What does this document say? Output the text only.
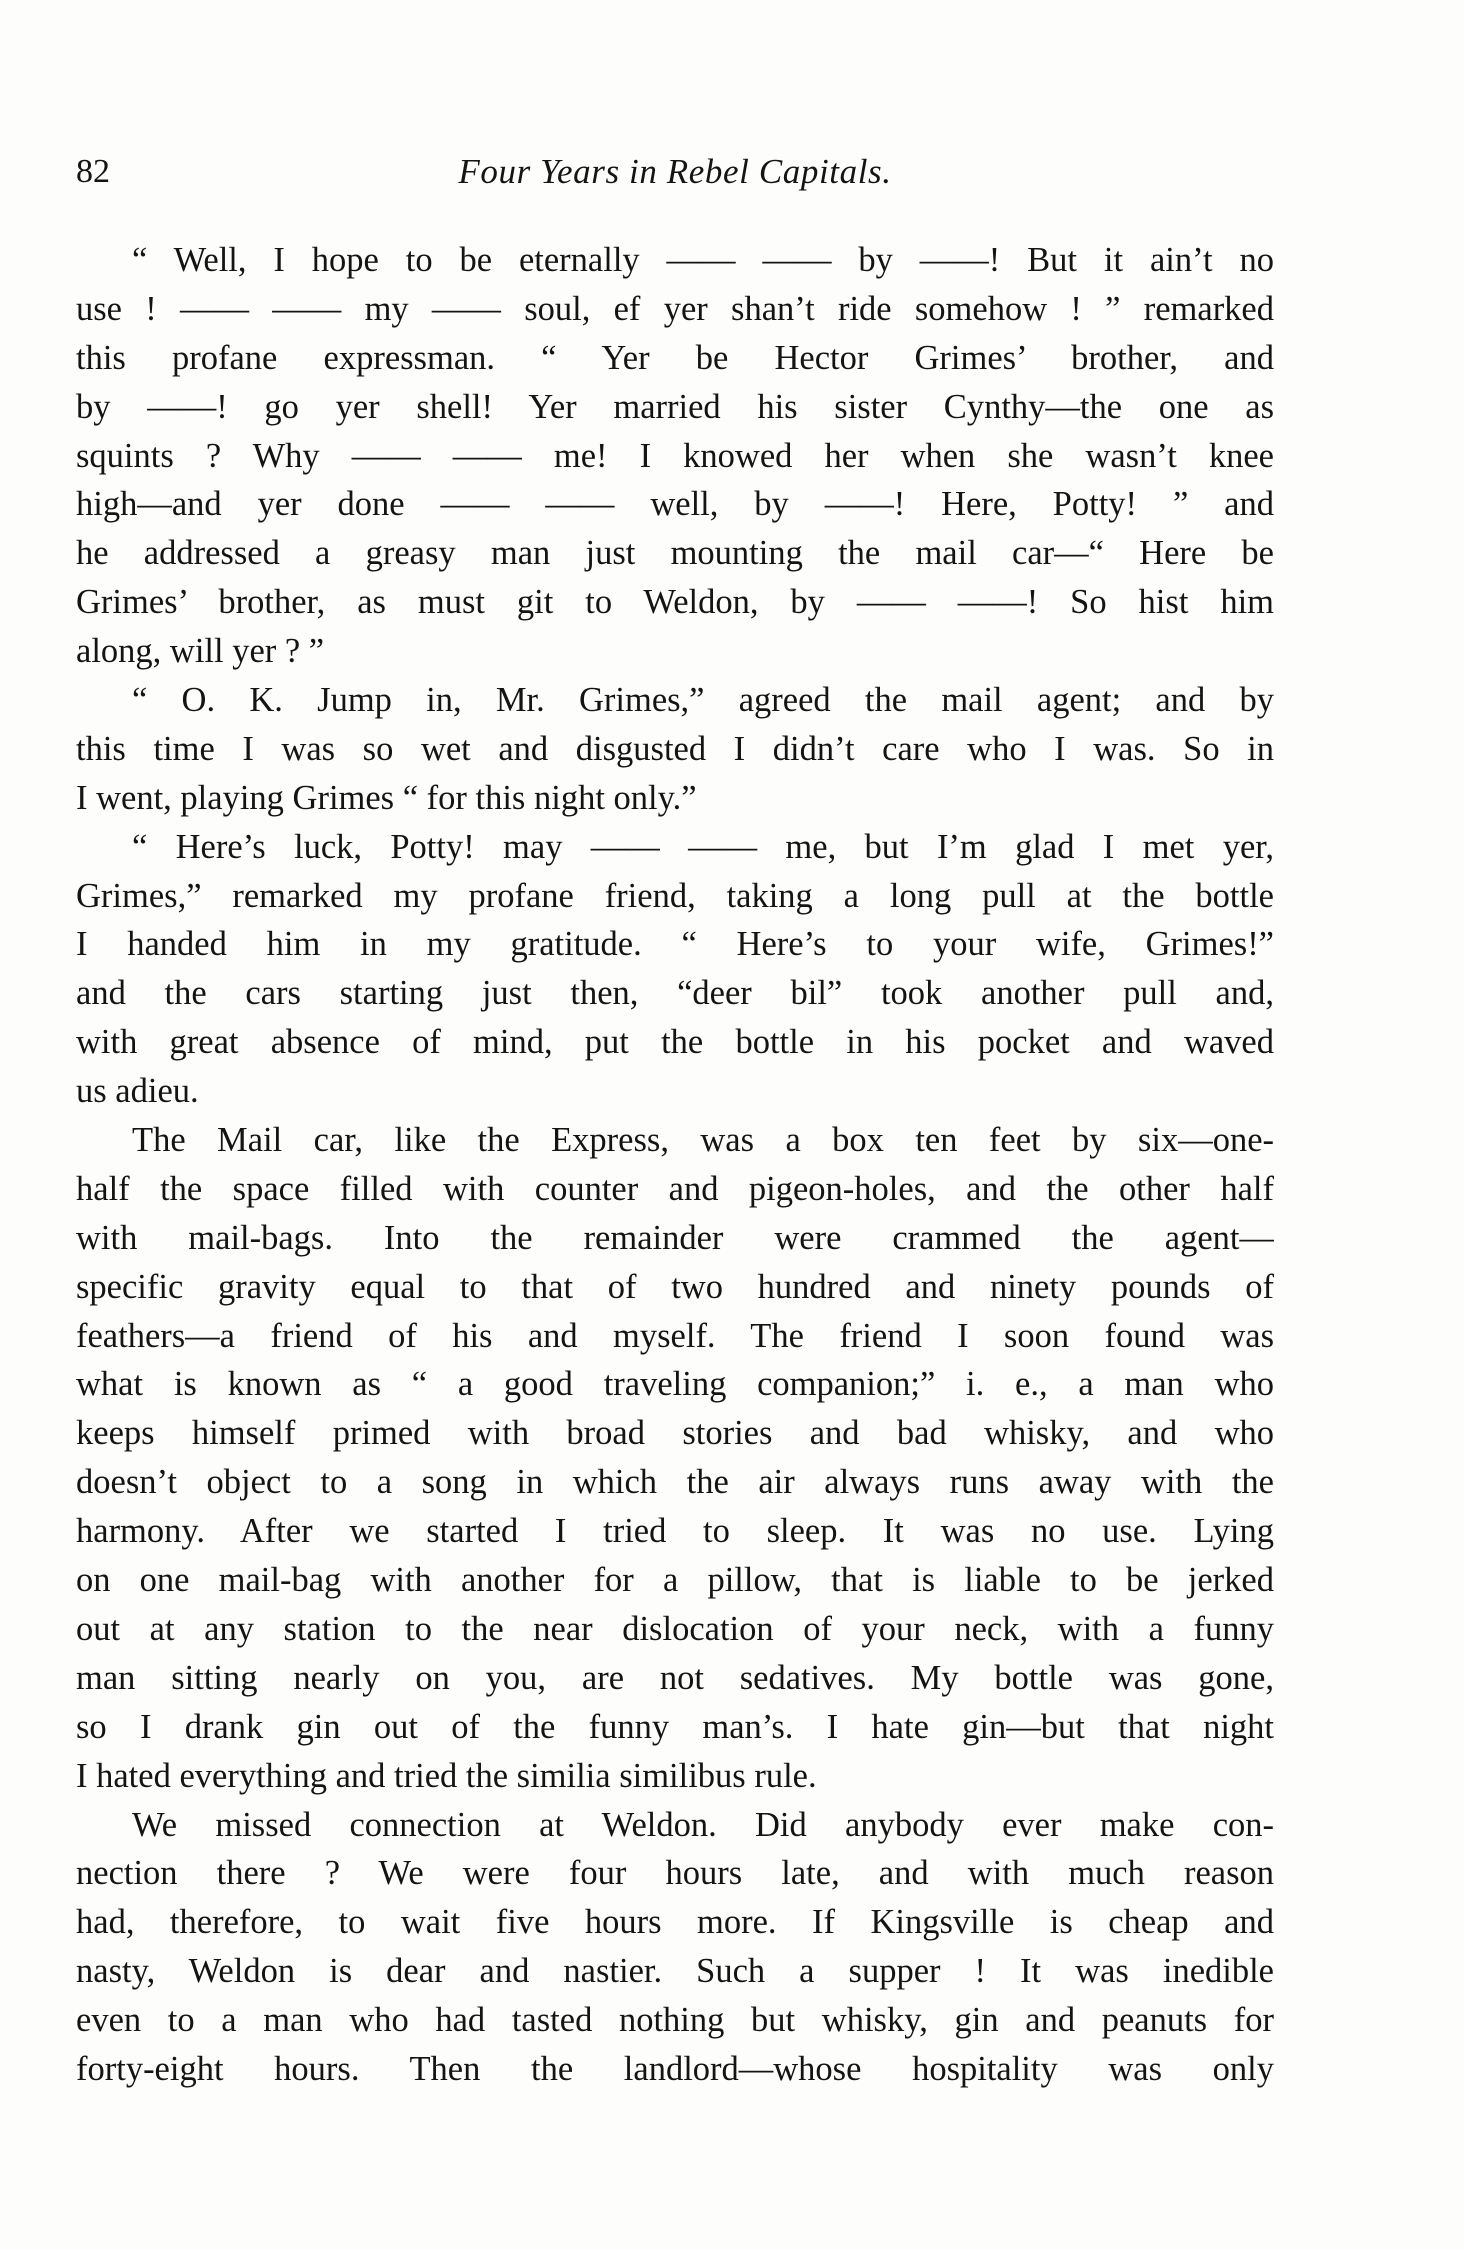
82	Four Years in Rebel Capitals.
“ Well, I hope to be eternally —— —— by ——! But it ain’t no
use ! —— —— my —— soul, ef yer shan’t ride somehow ! ” remarked
this profane expressman. “ Yer be Hector Grimes’ brother, and
by ——! go yer shell! Yer married his sister Cynthy—the one as
squints ? Why —— —— me! I knowed her when she wasn’t knee
high—and yer done —— —— well, by ——! Here, Potty! ” and
he addressed a greasy man just mounting the mail car—“ Here be
Grimes’ brother, as must git to Weldon, by —— ——! So hist him
along, will yer ? ”
“ O. K. Jump in, Mr. Grimes,” agreed the mail agent; and by
this time I was so wet and disgusted I didn’t care who I was. So in
I went, playing Grimes “ for this night only.”
“ Here’s luck, Potty! may —— —— me, but I’m glad I met yer,
Grimes,” remarked my profane friend, taking a long pull at the bottle
I handed him in my gratitude. “ Here’s to your wife, Grimes!”
and the cars starting just then, “deer bil” took another pull and,
with great absence of mind, put the bottle in his pocket and waved
us adieu.
The Mail car, like the Express, was a box ten feet by six—one-
half the space filled with counter and pigeon-holes, and the other half
with mail-bags. Into the remainder were crammed the agent—
specific gravity equal to that of two hundred and ninety pounds of
feathers—a friend of his and myself. The friend I soon found was
what is known as “ a good traveling companion;” i. e., a man who
keeps himself primed with broad stories and bad whisky, and who
doesn’t object to a song in which the air always runs away with the
harmony. After we started I tried to sleep. It was no use. Lying
on one mail-bag with another for a pillow, that is liable to be jerked
out at any station to the near dislocation of your neck, with a funny
man sitting nearly on you, are not sedatives. My bottle was gone,
so I drank gin out of the funny man’s. I hate gin—but that night
I hated everything and tried the similia similibus rule.
We missed connection at Weldon. Did anybody ever make con-
nection there ? We were four hours late, and with much reason
had, therefore, to wait five hours more. If Kingsville is cheap and
nasty, Weldon is dear and nastier. Such a supper ! It was inedible
even to a man who had tasted nothing but whisky, gin and peanuts for
forty-eight hours. Then the landlord—whose hospitality was only
